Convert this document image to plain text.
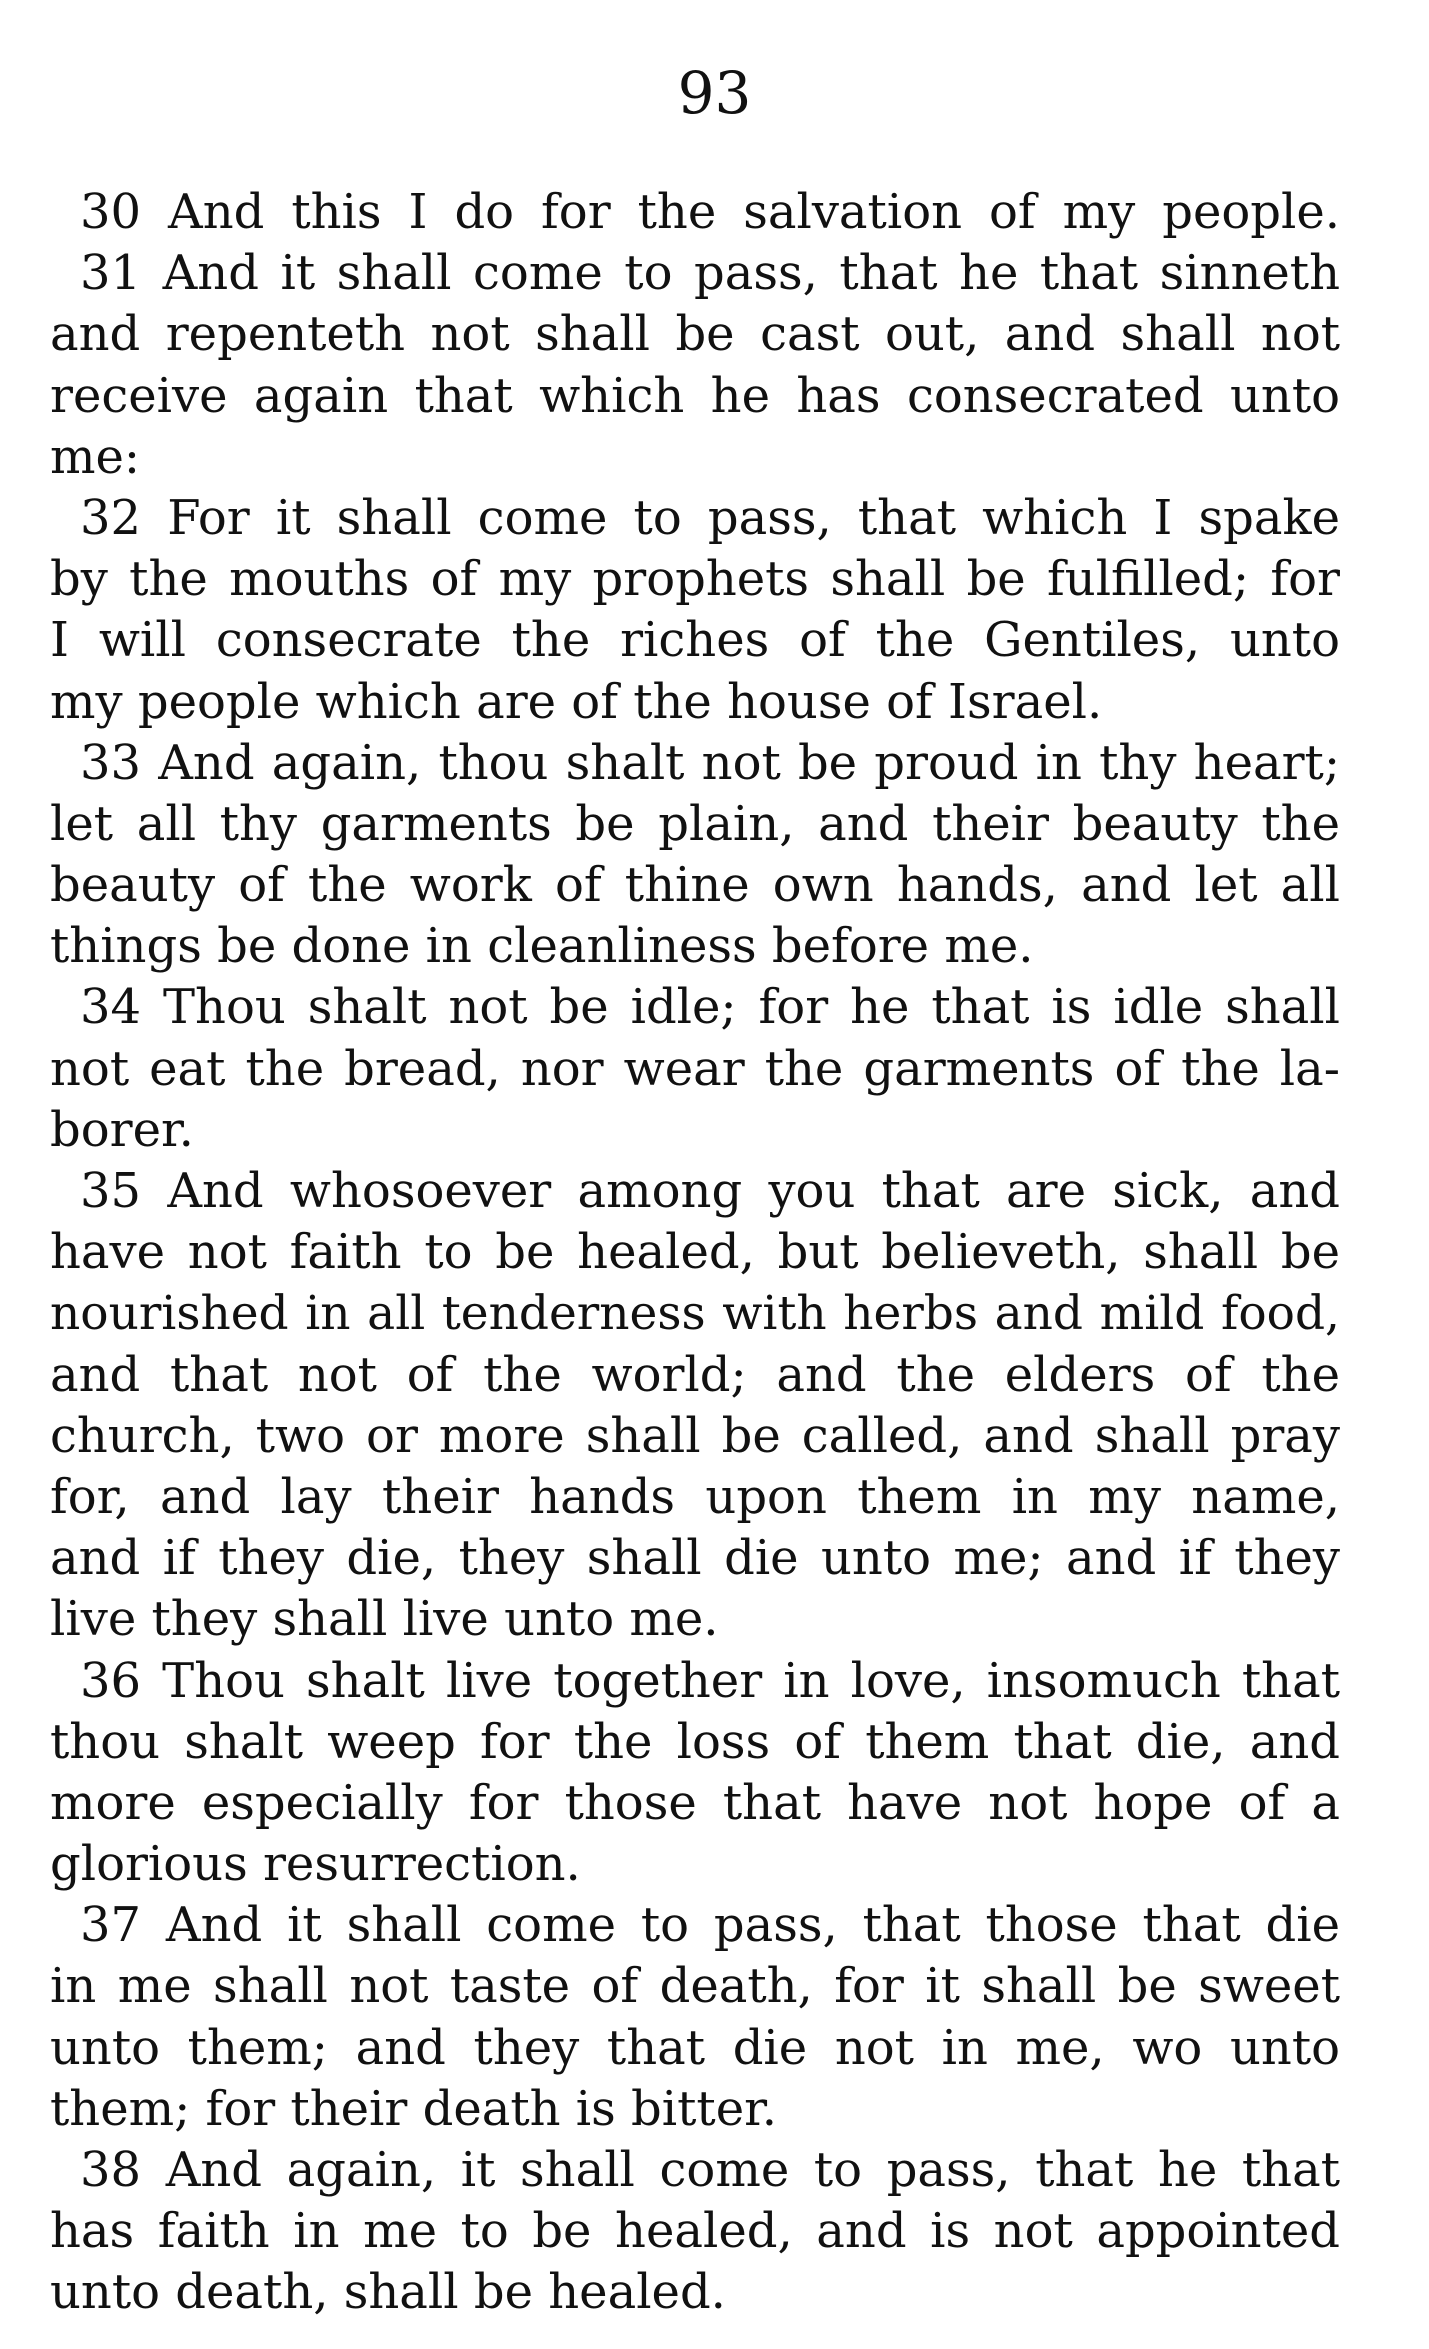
93
30 And this I do for the salvation of my people.
31 And it shall come to pass, that he that sinneth
and repenteth not shall be cast out, and shall not
receive again that which he has consecrated unto
me:
32 For it shall come to pass, that which I spake
by the mouths of my prophets shall be fulfilled; for
I will consecrate the riches of the Gentiles, unto
my people which are of the house of Israel.
33 And again, thou shalt not be proud in thy heart;
let all thy garments be plain, and their beauty the
beauty of the work of thine own hands, and let all
things be done in cleanliness before me.
34 Thou shalt not be idle; for he that is idle shall
not eat the bread, nor wear the garments of the la-
borer.
35 And whosoever among you that are sick, and
have not faith to be healed, but believeth, shall be
nourished in all tenderness with herbs and mild food,
and that not of the world; and the elders of the
church, two or more shall be called, and shall pray
for, and lay their hands upon them in my name,
and if they die, they shall die unto me; and if they
live they shall live unto me.
36 Thou shalt live together in love, insomuch that
thou shalt weep for the loss of them that die, and
more especially for those that have not hope of a
glorious resurrection.
37 And it shall come to pass, that those that die
in me shall not taste of death, for it shall be sweet
unto them; and they that die not in me, wo unto
them; for their death is bitter.
38 And again, it shall come to pass, that he that
has faith in me to be healed, and is not appointed
unto death, shall be healed.
